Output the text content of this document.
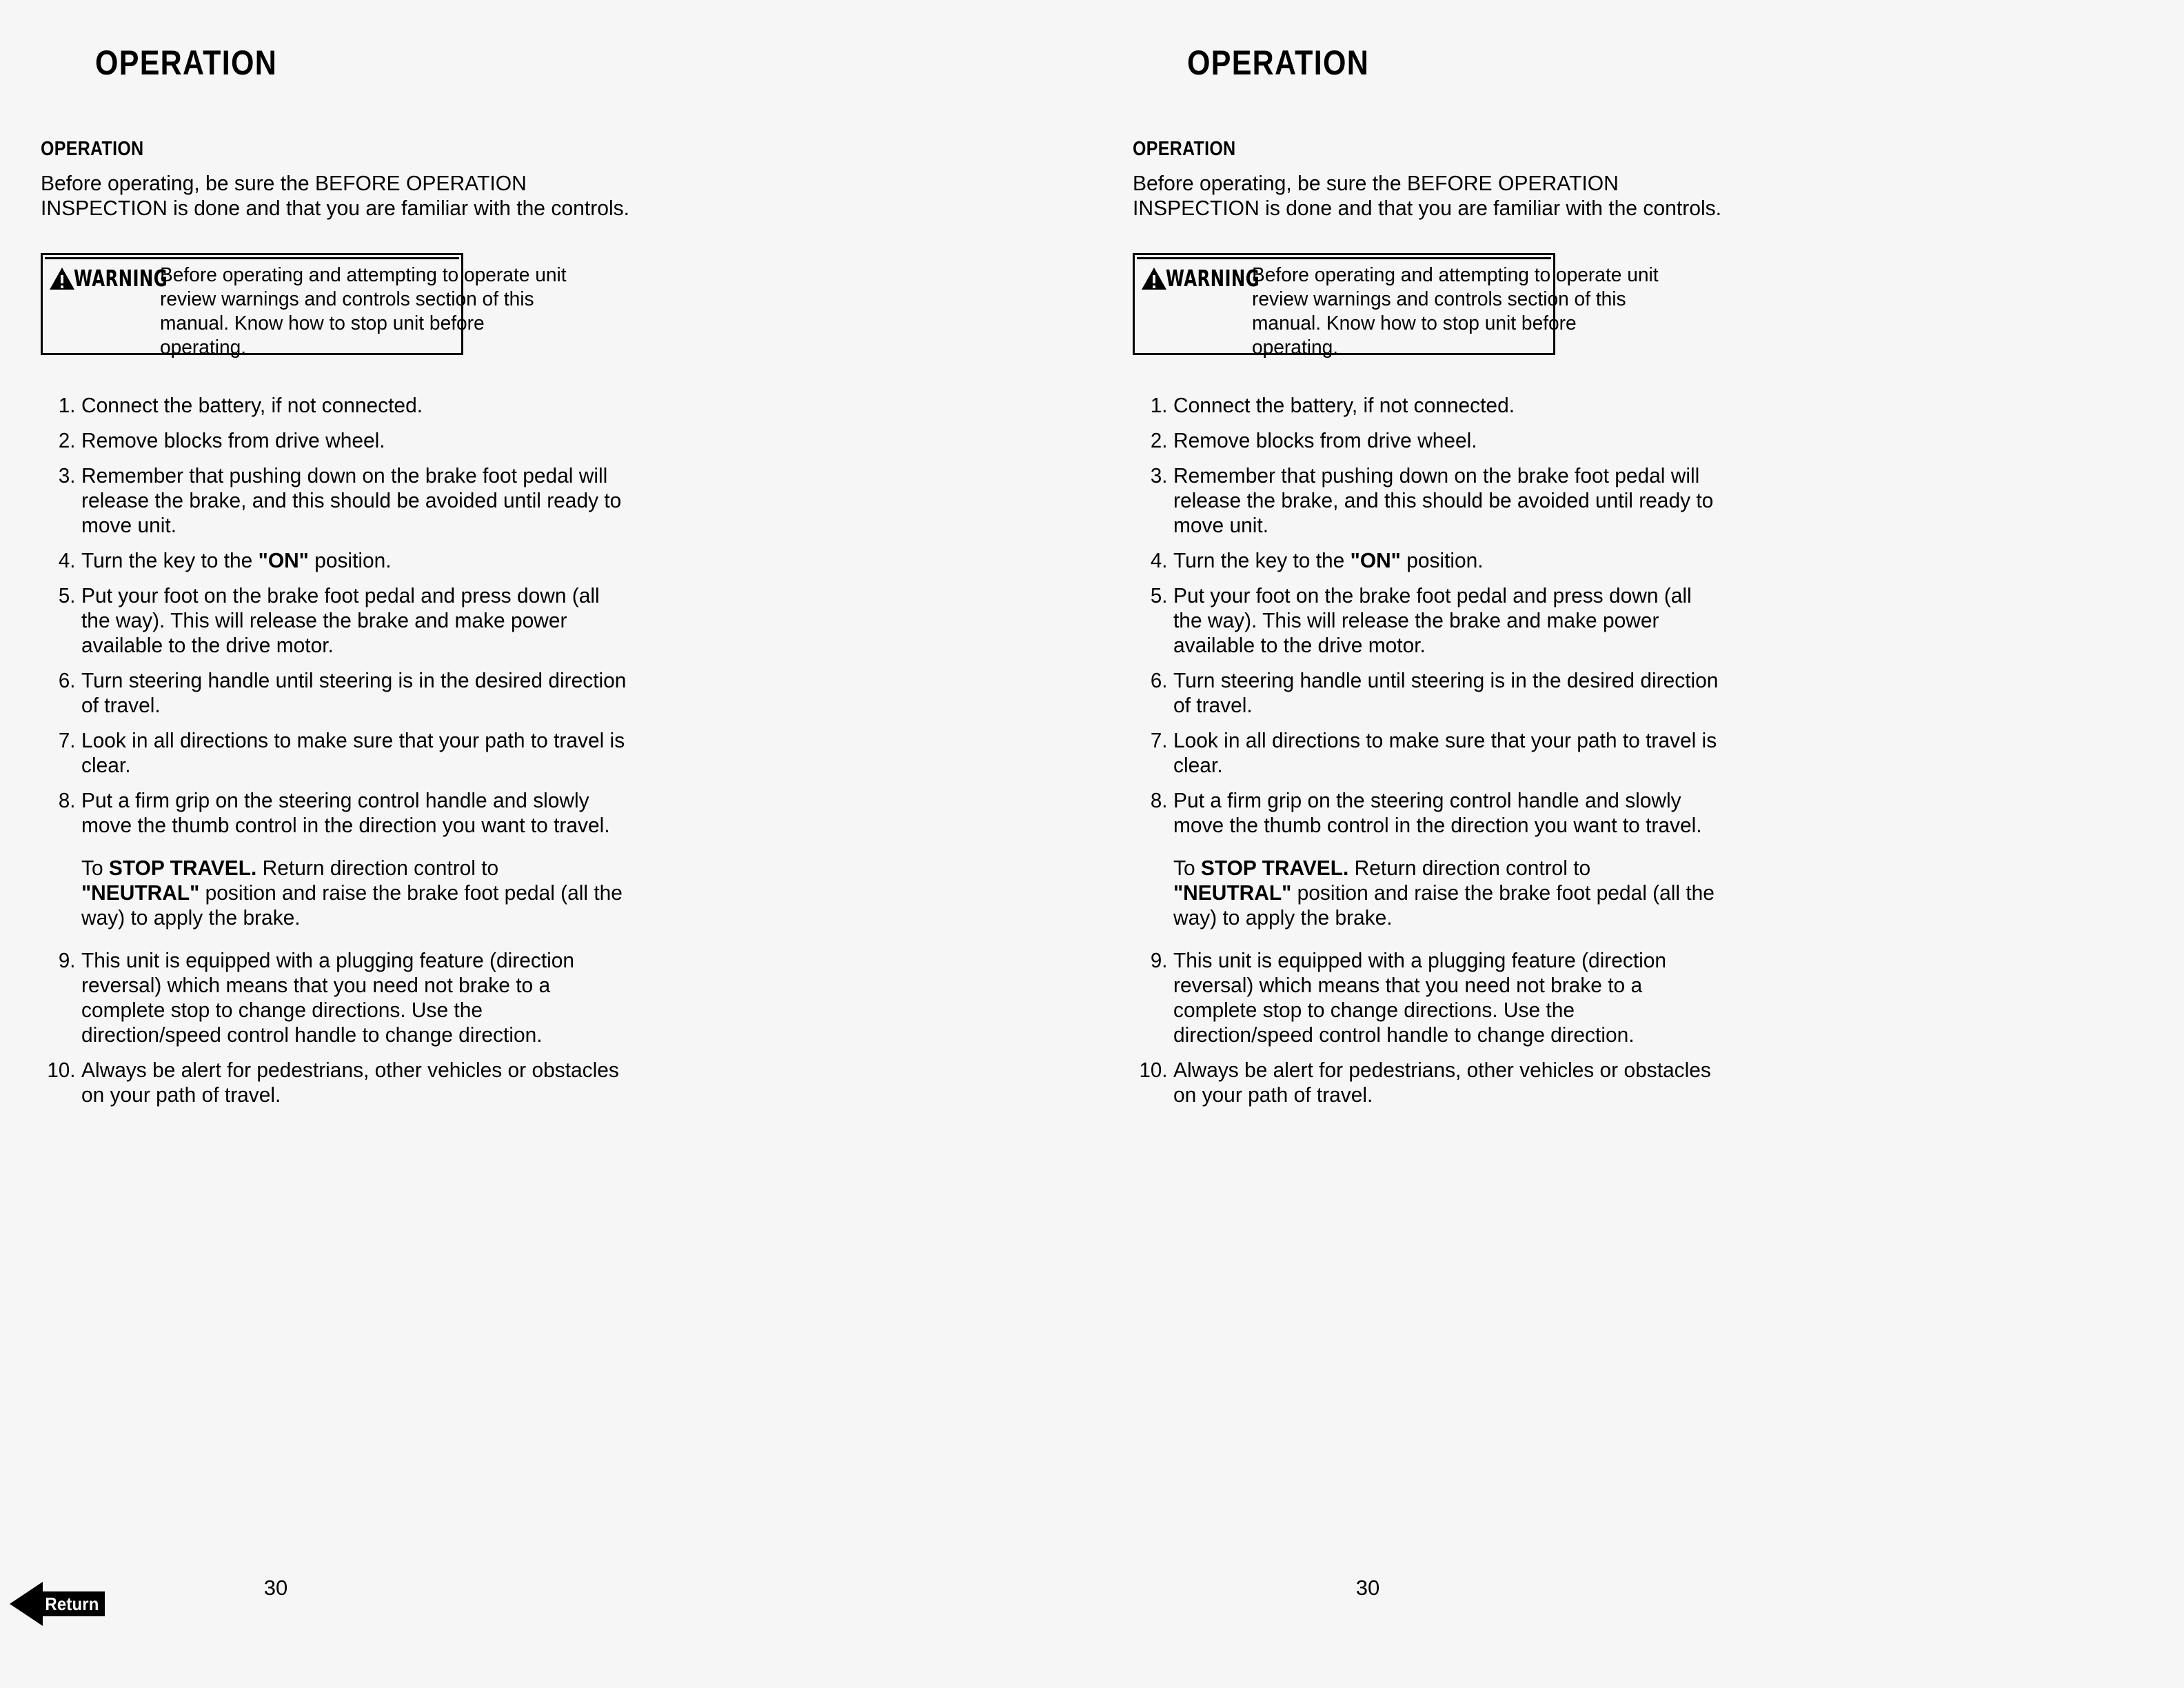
OPERATION
OPERATION
Before operating, be sure the BEFORE OPERATION
INSPECTION is done and that you are familiar with the controls.
WARNING
Before operating and attempting to operate unit
review warnings and controls section of this
manual. Know how to stop unit before
operating.
1. Connect the battery, if not connected.
2. Remove blocks from drive wheel.
3. Remember that pushing down on the brake foot pedal will
release the brake, and this should be avoided until ready to
move unit.
4. Turn the key to the "ON" position.
5. Put your foot on the brake foot pedal and press down (all
the way). This will release the brake and make power
available to the drive motor.
6. Turn steering handle until steering is in the desired direction
of travel.
7. Look in all directions to make sure that your path to travel is
clear.
8. Put a firm grip on the steering control handle and slowly
move the thumb control in the direction you want to travel.
To STOP TRAVEL. Return direction control to
"NEUTRAL" position and raise the brake foot pedal (all the
way) to apply the brake.
9. This unit is equipped with a plugging feature (direction
reversal) which means that you need not brake to a
complete stop to change directions. Use the
direction/speed control handle to change direction.
10. Always be alert for pedestrians, other vehicles or obstacles
on your path of travel.
30
Return
OPERATION
OPERATION
Before operating, be sure the BEFORE OPERATION
INSPECTION is done and that you are familiar with the controls.
WARNING
Before operating and attempting to operate unit
review warnings and controls section of this
manual. Know how to stop unit before
operating.
1. Connect the battery, if not connected.
2. Remove blocks from drive wheel.
3. Remember that pushing down on the brake foot pedal will
release the brake, and this should be avoided until ready to
move unit.
4. Turn the key to the "ON" position.
5. Put your foot on the brake foot pedal and press down (all
the way). This will release the brake and make power
available to the drive motor.
6. Turn steering handle until steering is in the desired direction
of travel.
7. Look in all directions to make sure that your path to travel is
clear.
8. Put a firm grip on the steering control handle and slowly
move the thumb control in the direction you want to travel.
To STOP TRAVEL. Return direction control to
"NEUTRAL" position and raise the brake foot pedal (all the
way) to apply the brake.
9. This unit is equipped with a plugging feature (direction
reversal) which means that you need not brake to a
complete stop to change directions. Use the
direction/speed control handle to change direction.
10. Always be alert for pedestrians, other vehicles or obstacles
on your path of travel.
30
